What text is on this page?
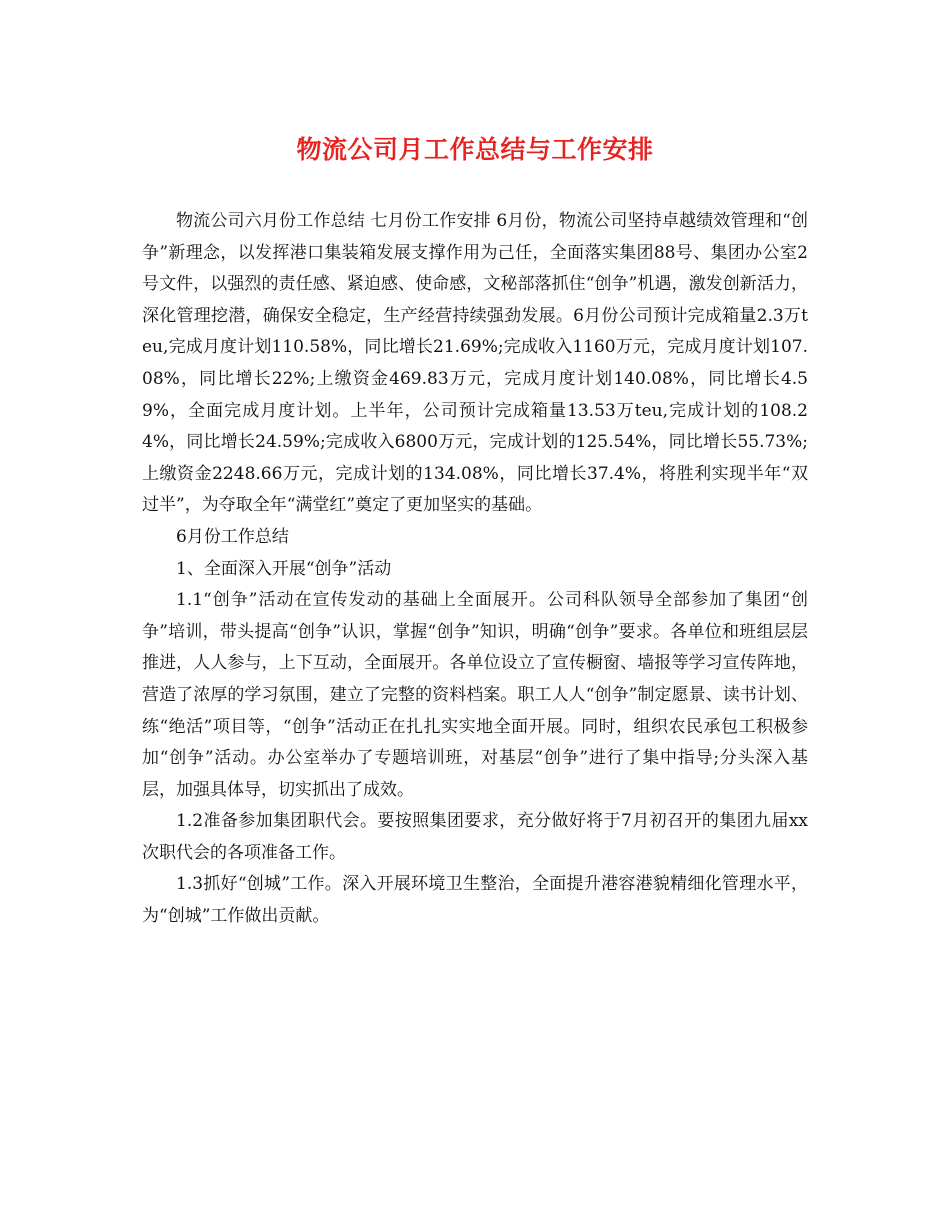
物流公司月工作总结与工作安排

物流公司六月份工作总结 七月份工作安排 6月份，物流公司坚持卓越绩效管理和“创争”新理念，以发挥港口集装箱发展支撑作用为己任，全面落实集团88号、集团办公室2号文件，以强烈的责任感、紧迫感、使命感，文秘部落抓住“创争”机遇，激发创新活力，深化管理挖潜，确保安全稳定，生产经营持续强劲发展。6月份公司预计完成箱量2.3万teu,完成月度计划110.58%，同比增长21.69%;完成收入1160万元，完成月度计划107.08%，同比增长22%;上缴资金469.83万元，完成月度计划140.08%，同比增长4.59%，全面完成月度计划。上半年，公司预计完成箱量13.53万teu,完成计划的108.24%，同比增长24.59%;完成收入6800万元，完成计划的125.54%，同比增长55.73%;上缴资金2248.66万元，完成计划的134.08%，同比增长37.4%，将胜利实现半年“双过半”，为夺取全年“满堂红”奠定了更加坚实的基础。

6月份工作总结

1、全面深入开展“创争”活动

1.1“创争”活动在宣传发动的基础上全面展开。公司科队领导全部参加了集团“创争”培训，带头提高“创争”认识，掌握“创争”知识，明确“创争”要求。各单位和班组层层推进，人人参与，上下互动，全面展开。各单位设立了宣传橱窗、墙报等学习宣传阵地，营造了浓厚的学习氛围，建立了完整的资料档案。职工人人“创争”制定愿景、读书计划、练“绝活”项目等，“创争”活动正在扎扎实实地全面开展。同时，组织农民承包工积极参加“创争”活动。办公室举办了专题培训班，对基层“创争”进行了集中指导;分头深入基层，加强具体导，切实抓出了成效。

1.2准备参加集团职代会。要按照集团要求，充分做好将于7月初召开的集团九届xx次职代会的各项准备工作。

1.3抓好“创城”工作。深入开展环境卫生整治，全面提升港容港貌精细化管理水平，为“创城”工作做出贡献。
